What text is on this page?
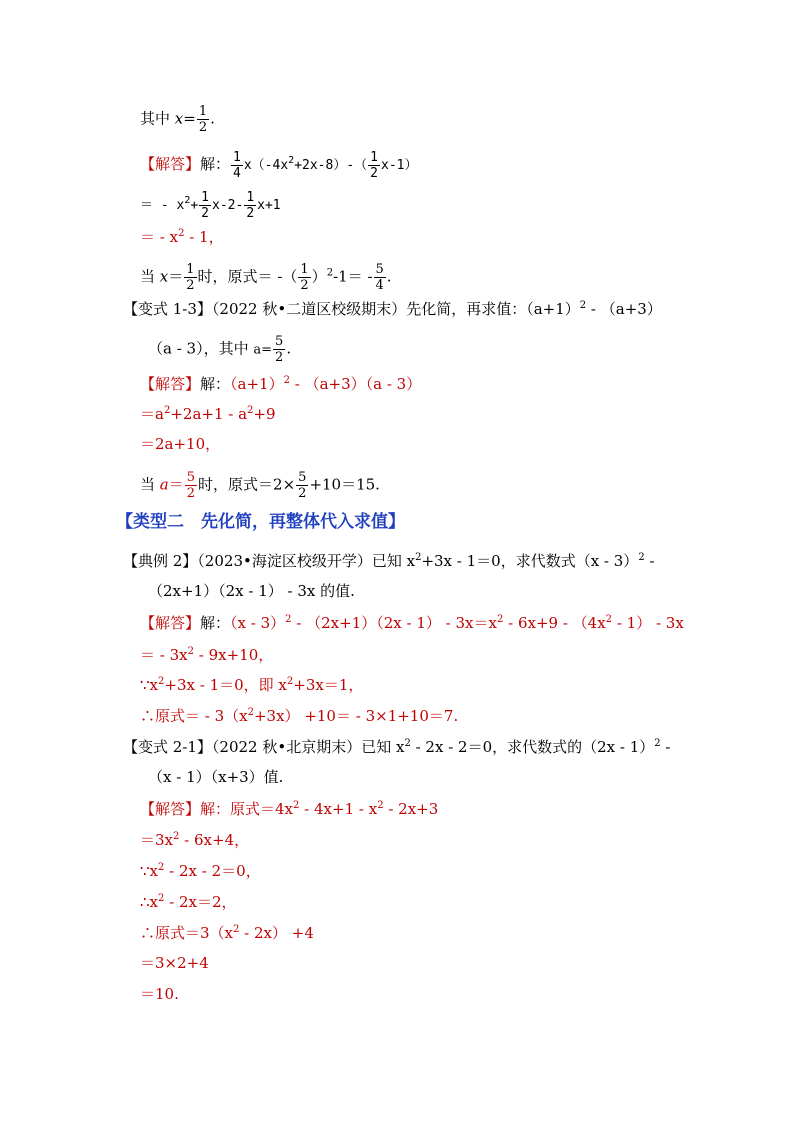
其中 $x= \frac{1}{2}$ .
【解答】解： $\frac{1}{4} x(-4x^2+2x-8)-( \frac{1}{2} x-1)$
＝ - $x^2+ \frac{1}{2} x-2- \frac{1}{2} x+1$
＝ - $x^2 - 1$，
当 $x= \frac{1}{2}$ 时，原式＝ -（ $\frac{1}{2} )^2-1= - \frac{5}{4}$ .
【变式 1-3】（2022 秋•二道区校级期末）先化简，再求值：$(a+1)^2 - (a+3)$
（a - 3），其中 $a= \frac{5}{2}$ .
【解答】解：$(a+1)^2 - (a+3)(a - 3)$
$=a^2+2a+1 - a^2+9$
＝2a+10，
当 $a= \frac{5}{2}$ 时，原式$=2\times \frac{5}{2} +10=15$.
【类型二　先化简，再整体代入求值】
【典例 2】（2023•海淀区校级开学）已知 $x^2+3x - 1=0$，求代数式（x - 3）$^2$ -
（2x+1）（2x - 1） - 3x 的值.
【解答】解：$(x - 3)^2 - (2x+1)(2x - 1) - 3x=x^2 - 6x+9 - (4x^2 - 1) - 3x$
＝ - $3x^2 - 9x+10$，
$\because x^2+3x - 1=0$，即 $x^2+3x=1$，
∴原式＝ - $3(x^2+3x) +10= - 3\times 1+10=7$.
【变式 2-1】（2022 秋•北京期末）已知 $x^2 - 2x - 2=0$，求代数式的（2x - 1）$^2$ -
（x - 1）（x+3）值.
【解答】解：原式$=4x^2 - 4x+1 - x^2 - 2x+3$
$=3x^2 - 6x+4$，
$\because x^2 - 2x - 2=0$，
$\therefore x^2 - 2x=2$，
∴原式$=3(x^2 - 2x) +4$
＝3×2+4
＝10.
